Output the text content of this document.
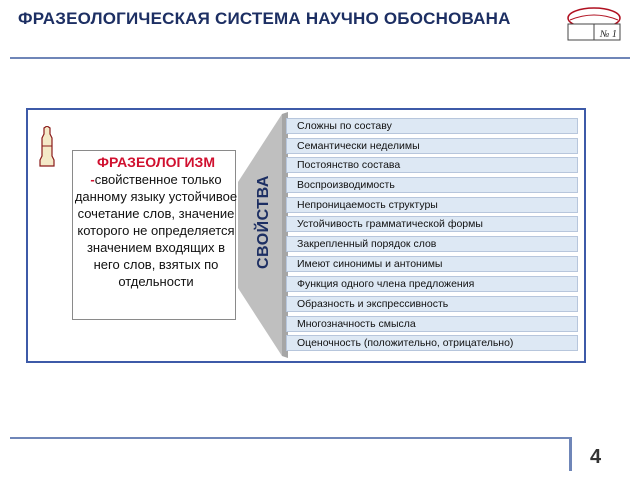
ФРАЗЕОЛОГИЧЕСКАЯ СИСТЕМА НАУЧНО ОБОСНОВАНА
№ 1
ФРАЗЕОЛОГИЗМ
-свойственное только данному языку устойчивое сочетание слов, значение которого не определяется значением входящих в него слов, взятых по отдельности
СВОЙСТВА
Сложны по составу
Семантически неделимы
Постоянство состава
Воспроизводимость
Непроницаемость структуры
Устойчивость грамматической формы
Закрепленный порядок слов
Имеют синонимы и антонимы
Функция одного члена предложения
Образность и экспрессивность
Многозначность смысла
Оценочность (положительно, отрицательно)
4
